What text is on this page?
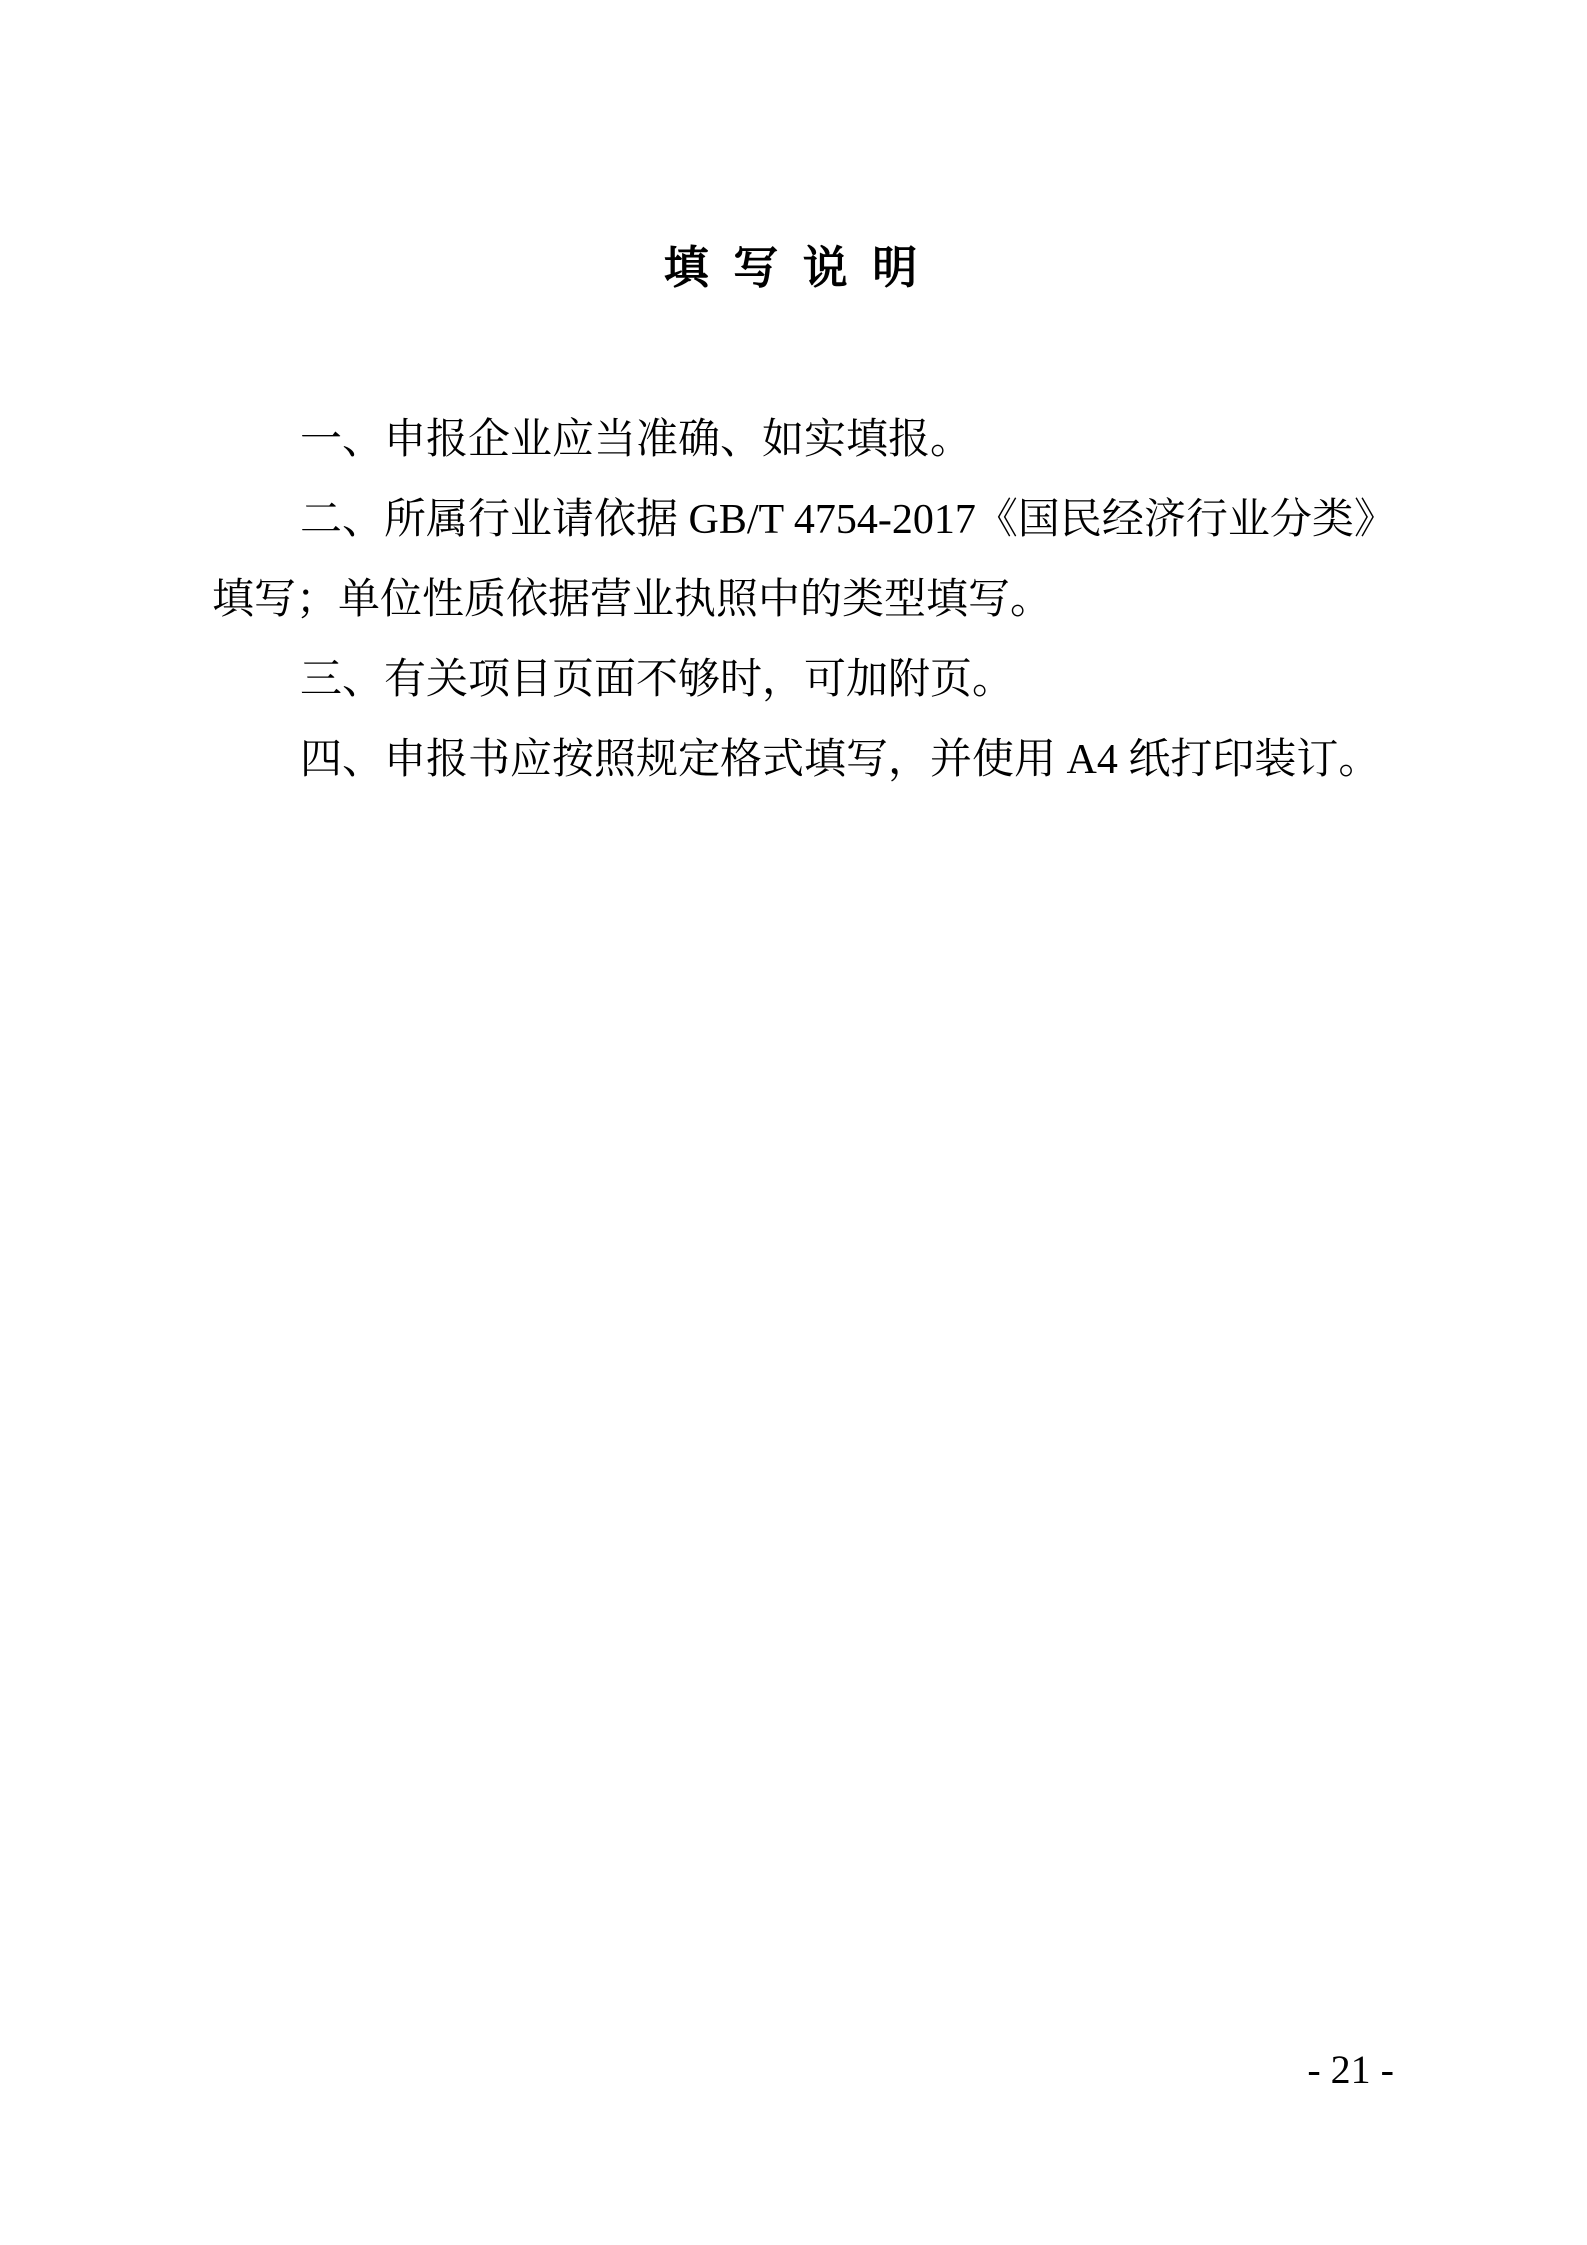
填 写 说 明

一、申报企业应当准确、如实填报。

二、所属行业请依据 GB/T 4754-2017《国民经济行业分类》

填写；单位性质依据营业执照中的类型填写。

三、有关项目页面不够时，可加附页。

四、申报书应按照规定格式填写，并使用 A4 纸打印装订。

- 21 -
